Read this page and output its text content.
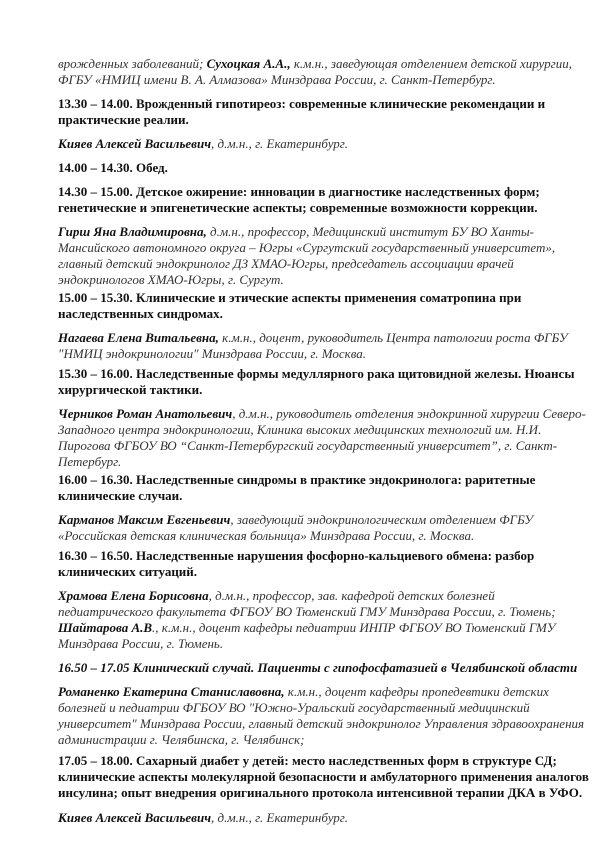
врожденных заболеваний; Сухоцкая А.А., к.м.н., заведующая отделением детской хирургии,
ФГБУ «НМИЦ имени В. А. Алмазова» Минздрава России, г. Санкт-Петербург.
13.30 – 14.00. Врожденный гипотиреоз: современные клинические рекомендации и
практические реалии.
Кияев Алексей Васильевич, д.м.н., г. Екатеринбург.
14.00 – 14.30. Обед.
14.30 – 15.00. Детское ожирение: инновации в диагностике наследственных форм;
генетические и эпигенетические аспекты; современные возможности коррекции.
Гирш Яна Владимировна, д.м.н., профессор, Медицинский институт БУ ВО Ханты-
Мансийского автономного округа – Югры «Сургутский государственный университет»,
главный детский эндокринолог ДЗ ХМАО-Югры, председатель ассоциации врачей
эндокринологов ХМАО-Югры, г. Сургут.
15.00 – 15.30. Клинические и этические аспекты применения соматропина при
наследственных синдромах.
Нагаева Елена Витальевна, к.м.н., доцент, руководитель Центра патологии роста ФГБУ
"НМИЦ эндокринологии" Минздрава России, г. Москва.
15.30 – 16.00. Наследственные формы медуллярного рака щитовидной железы. Нюансы
хирургической тактики.
Черников Роман Анатольевич, д.м.н., руководитель отделения эндокринной хирургии Северо-
Западного центра эндокринологии, Клиника высоких медицинских технологий им. Н.И.
Пирогова ФГБОУ ВО “Санкт-Петербургский государственный университет”, г. Санкт-
Петербург.
16.00 – 16.30. Наследственные синдромы в практике эндокринолога: раритетные
клинические случаи.
Карманов Максим Евгеньевич, заведующий эндокринологическим отделением ФГБУ
«Российская детская клиническая больница» Минздрава России, г. Москва.
16.30 – 16.50. Наследственные нарушения фосфорно-кальциевого обмена: разбор
клинических ситуаций.
Храмова Елена Борисовна, д.м.н., профессор, зав. кафедрой детских болезней
педиатрического факультета ФГБОУ ВО Тюменский ГМУ Минздрава России, г. Тюмень;
Шайтарова А.В., к.м.н., доцент кафедры педиатрии ИНПР ФГБОУ ВО Тюменский ГМУ
Минздрава России, г. Тюмень.
16.50 – 17.05 Клинический случай. Пациенты с гипофосфатазией в Челябинской области
Романенко Екатерина Станиславовна, к.м.н., доцент кафедры пропедевтики детских
болезней и педиатрии ФГБОУ ВО "Южно-Уральский государственный медицинский
университет" Минздрава России, главный детский эндокринолог Управления здравоохранения
администрации г. Челябинска, г. Челябинск;
17.05 – 18.00. Сахарный диабет у детей: место наследственных форм в структуре СД;
клинические аспекты молекулярной безопасности и амбулаторного применения аналогов
инсулина; опыт внедрения оригинального протокола интенсивной терапии ДКА в УФО.
Кияев Алексей Васильевич, д.м.н., г. Екатеринбург.
